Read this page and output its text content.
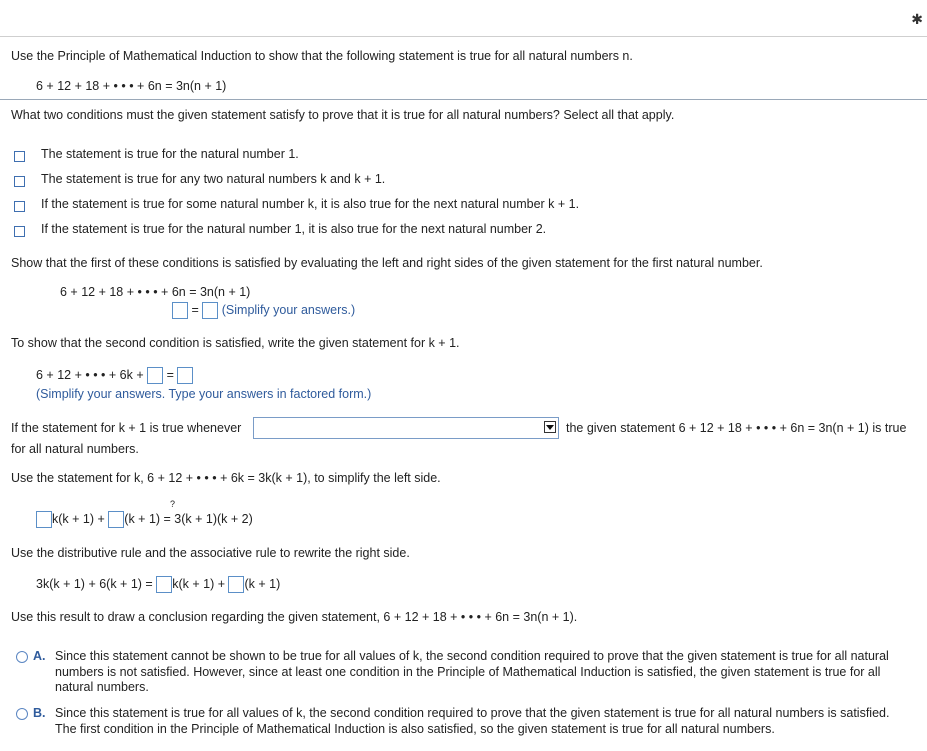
✱
Use the Principle of Mathematical Induction to show that the following statement is true for all natural numbers n.
6 + 12 + 18 + • • • + 6n = 3n(n + 1)
What two conditions must the given statement satisfy to prove that it is true for all natural numbers? Select all that apply.
The statement is true for the natural number 1.
The statement is true for any two natural numbers k and k + 1.
If the statement is true for some natural number k, it is also true for the next natural number k + 1.
If the statement is true for the natural number 1, it is also true for the next natural number 2.
Show that the first of these conditions is satisfied by evaluating the left and right sides of the given statement for the first natural number.
6 + 12 + 18 + • • • + 6n = 3n(n + 1)
= (Simplify your answers.)
To show that the second condition is satisfied, write the given statement for k + 1.
6 + 12 + • • • + 6k + =
(Simplify your answers. Type your answers in factored form.)
If the statement for k + 1 is true whenever	the given statement 6 + 12 + 18 + • • • + 6n = 3n(n + 1) is true
for all natural numbers.
Use the statement for k, 6 + 12 + • • • + 6k = 3k(k + 1), to simplify the left side.
?
k(k + 1) + (k + 1) = 3(k + 1)(k + 2)
Use the distributive rule and the associative rule to rewrite the right side.
3k(k + 1) + 6(k + 1) = k(k + 1) + (k + 1)
Use this result to draw a conclusion regarding the given statement, 6 + 12 + 18 + • • • + 6n = 3n(n + 1).
A. Since this statement cannot be shown to be true for all values of k, the second condition required to prove that the given statement is true for all natural numbers is not satisfied. However, since at least one condition in the Principle of Mathematical Induction is satisfied, the given statement is true for all natural numbers.
B. Since this statement is true for all values of k, the second condition required to prove that the given statement is true for all natural numbers is satisfied. The first condition in the Principle of Mathematical Induction is also satisfied, so the given statement is true for all natural numbers.
